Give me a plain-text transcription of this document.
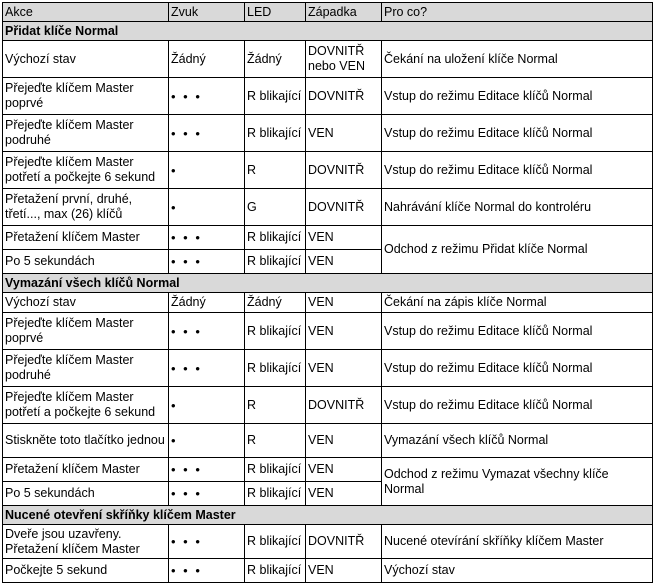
Akce	Zvuk	LED	Západka	Pro co?
Přidat klíče Normal				
Výchozí stav	Žádný	Žádný	DOVNITŘ nebo VEN	Čekání na uložení klíče Normal
Přejeďte klíčem Master poprvé	• • •	R blikající	DOVNITŘ	Vstup do režimu Editace klíčů Normal
Přejeďte klíčem Master podruhé	• • •	R blikající	VEN	Vstup do režimu Editace klíčů Normal
Přejeďte klíčem Master potřetí a počkejte 6 sekund	•	R	DOVNITŘ	Vstup do režimu Editace klíčů Normal
Přetažení první, druhé, třetí..., max (26) klíčů	•	G	DOVNITŘ	Nahrávání klíče Normal do kontroléru
Přetažení klíčem Master	• • •	R blikající	VEN	Odchod z režimu Přidat klíče Normal
Po 5 sekundách	• • •	R blikající	VEN	
Vymazání všech klíčů Normal				
Výchozí stav	Žádný	Žádný	VEN	Čekání na zápis klíče Normal
Přejeďte klíčem Master poprvé	• • •	R blikající	VEN	Vstup do režimu Editace klíčů Normal
Přejeďte klíčem Master podruhé	• • •	R blikající	VEN	Vstup do režimu Editace klíčů Normal
Přejeďte klíčem Master potřetí a počkejte 6 sekund	•	R	DOVNITŘ	Vstup do režimu Editace klíčů Normal
Stiskněte toto tlačítko jednou	•	R	VEN	Vymazání všech klíčů Normal
Přetažení klíčem Master	• • •	R blikající	VEN	Odchod z režimu Vymazat všechny klíče Normal
Po 5 sekundách	• • •	R blikající	VEN	
Nucené otevření skříňky klíčem Master				
Dveře jsou uzavřeny. Přetažení klíčem Master	• • •	R blikající	DOVNITŘ	Nucené otevírání skříňky klíčem Master
Počkejte 5 sekund	• • •	R blikající	VEN	Výchozí stav
